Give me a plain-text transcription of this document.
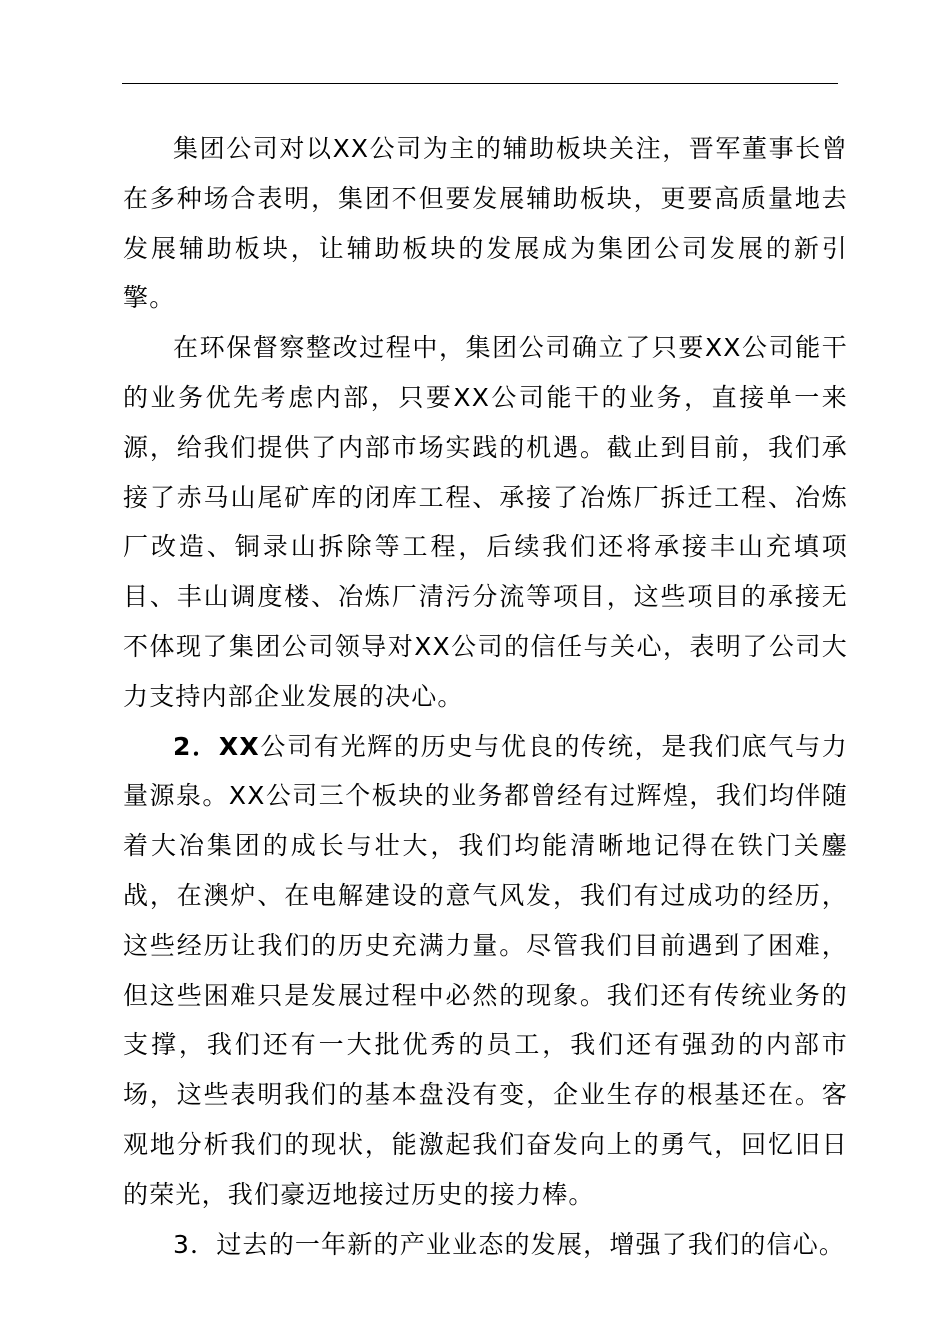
集团公司对以XX公司为主的辅助板块关注，晋军董事长曾在多种场合表明，集团不但要发展辅助板块，更要高质量地去发展辅助板块，让辅助板块的发展成为集团公司发展的新引擎。

在环保督察整改过程中，集团公司确立了只要XX公司能干的业务优先考虑内部，只要XX公司能干的业务，直接单一来源，给我们提供了内部市场实践的机遇。截止到目前，我们承接了赤马山尾矿库的闭库工程、承接了冶炼厂拆迁工程、冶炼厂改造、铜录山拆除等工程，后续我们还将承接丰山充填项目、丰山调度楼、冶炼厂清污分流等项目，这些项目的承接无不体现了集团公司领导对XX公司的信任与关心，表明了公司大力支持内部企业发展的决心。

2．XX公司有光辉的历史与优良的传统，是我们底气与力量源泉。XX公司三个板块的业务都曾经有过辉煌，我们均伴随着大冶集团的成长与壮大，我们均能清晰地记得在铁门关鏖战，在澳炉、在电解建设的意气风发，我们有过成功的经历，这些经历让我们的历史充满力量。尽管我们目前遇到了困难，但这些困难只是发展过程中必然的现象。我们还有传统业务的支撑，我们还有一大批优秀的员工，我们还有强劲的内部市场，这些表明我们的基本盘没有变，企业生存的根基还在。客观地分析我们的现状，能激起我们奋发向上的勇气，回忆旧日的荣光，我们豪迈地接过历史的接力棒。

3．过去的一年新的产业业态的发展，增强了我们的信心。
